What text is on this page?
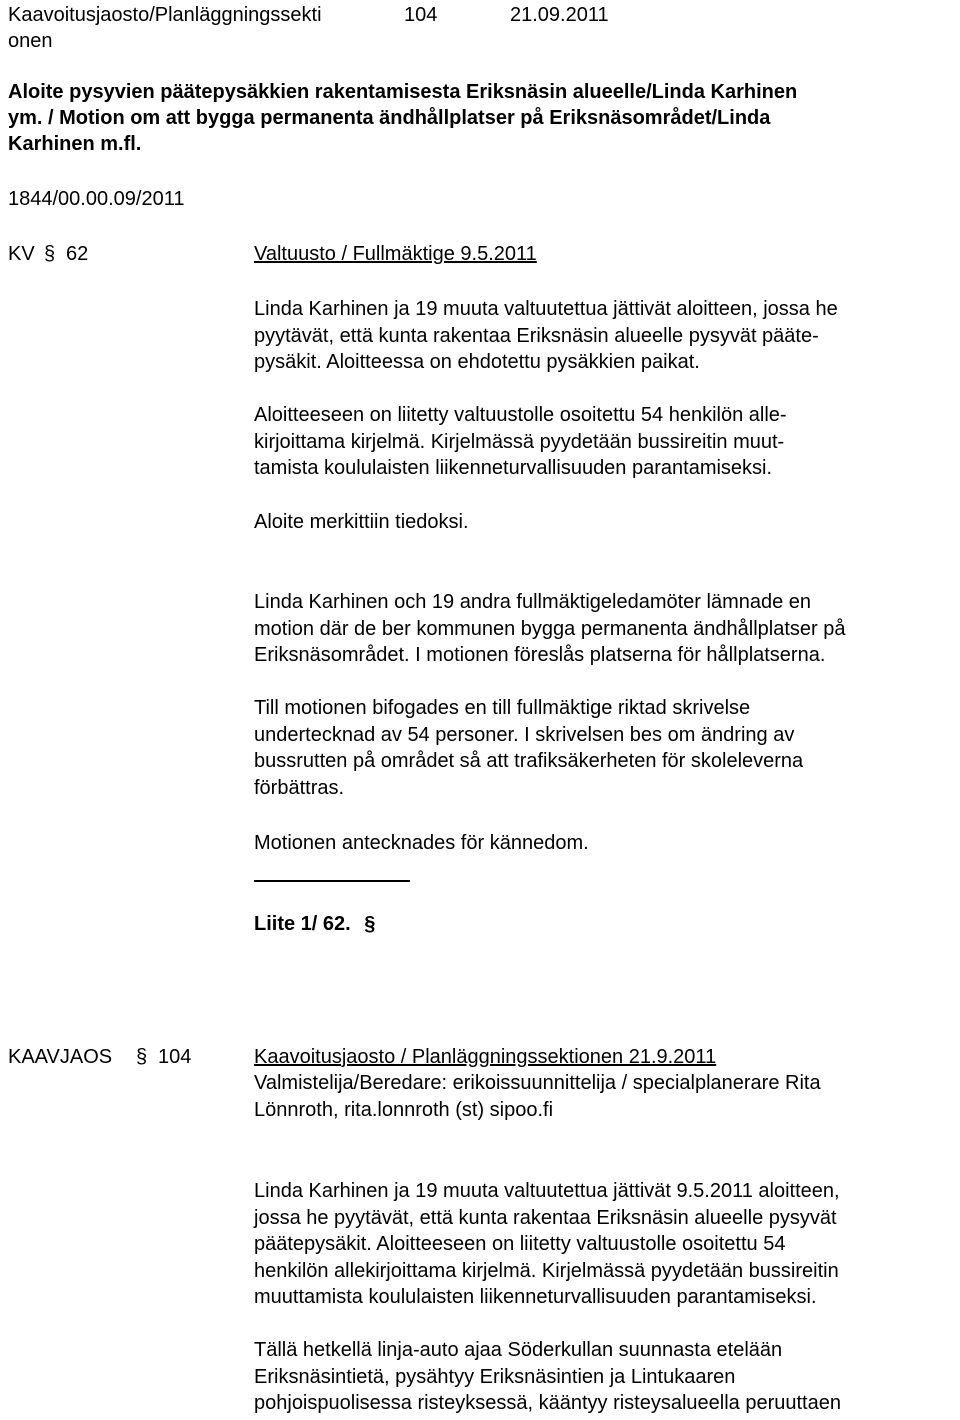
Kaavoitusjaosto/Planläggningssekti	104	21.09.2011
onen
Aloite pysyvien päätepysäkkien rakentamisesta Eriksnäsin alueelle/Linda Karhinen
ym. / Motion om att bygga permanenta ändhållplatser på Eriksnäsområdet/Linda
Karhinen m.fl.
1844/00.00.09/2011
KV § 62	Valtuusto / Fullmäktige 9.5.2011
Linda Karhinen ja 19 muuta valtuutettua jättivät aloitteen, jossa he
pyytävät, että kunta rakentaa Eriksnäsin alueelle pysyvät pääte-
pysäkit. Aloitteessa on ehdotettu pysäkkien paikat.
Aloitteeseen on liitetty valtuustolle osoitettu 54 henkilön alle-
kirjoittama kirjelmä. Kirjelmässä pyydetään bussireitin muut-
tamista koululaisten liikenneturvallisuuden parantamiseksi.
Aloite merkittiin tiedoksi.
Linda Karhinen och 19 andra fullmäktigeledamöter lämnade en
motion där de ber kommunen bygga permanenta ändhållplatser på
Eriksnäsområdet. I motionen föreslås platserna för hållplatserna.
Till motionen bifogades en till fullmäktige riktad skrivelse
undertecknad av 54 personer. I skrivelsen bes om ändring av
bussrutten på området så att trafiksäkerheten för skoleleverna
förbättras.
Motionen antecknades för kännedom.
Liite 1/ 62. §
KAAVJAOS § 104	Kaavoitusjaosto / Planläggningssektionen 21.9.2011
Valmistelija/Beredare: erikoissuunnittelija / specialplanerare Rita
Lönnroth, rita.lonnroth (st) sipoo.fi
Linda Karhinen ja 19 muuta valtuutettua jättivät 9.5.2011 aloitteen,
jossa he pyytävät, että kunta rakentaa Eriksnäsin alueelle pysyvät
päätepysäkit. Aloitteeseen on liitetty valtuustolle osoitettu 54
henkilön allekirjoittama kirjelmä. Kirjelmässä pyydetään bussireitin
muuttamista koululaisten liikenneturvallisuuden parantamiseksi.
Tällä hetkellä linja-auto ajaa Söderkullan suunnasta etelään
Eriksnäsintietä, pysähtyy Eriksnäsintien ja Lintukaaren
pohjoispuolisessa risteyksessä, kääntyy risteysalueella peruuttaen
